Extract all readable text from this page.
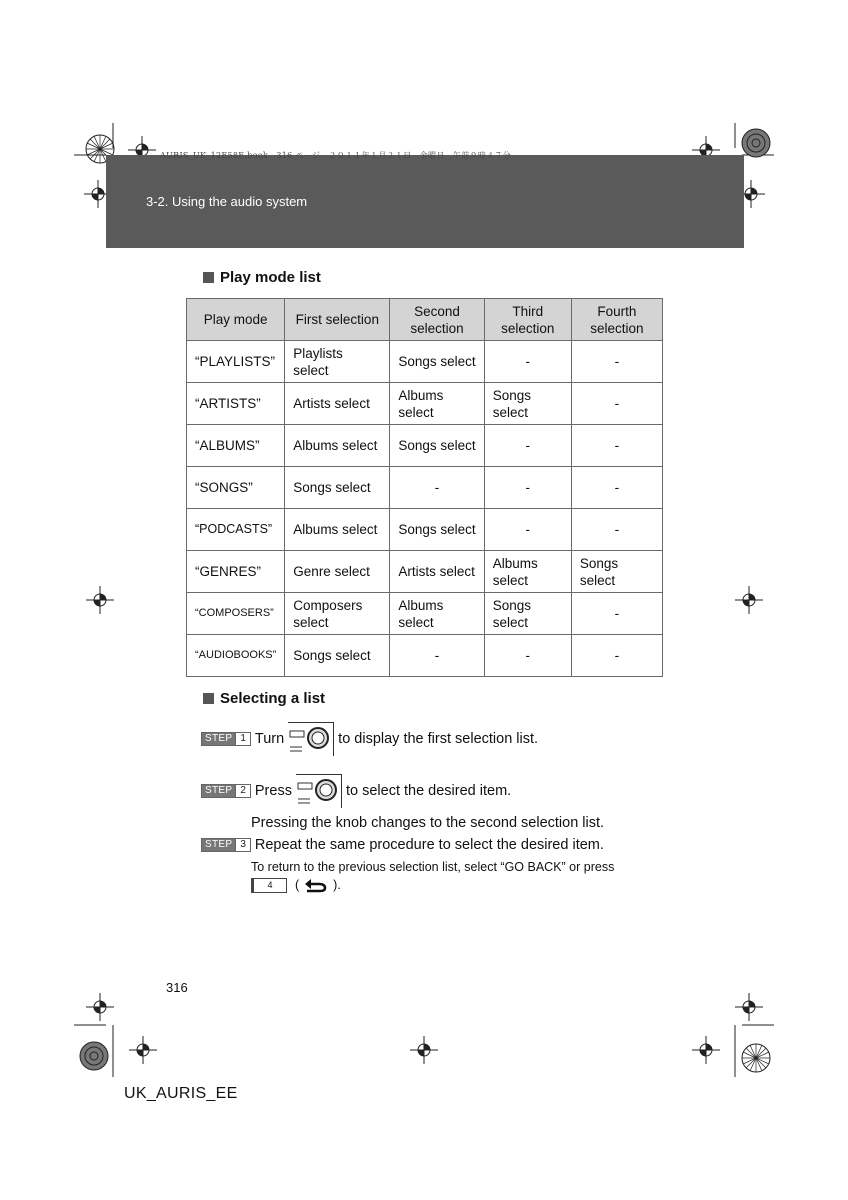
3-2. Using the audio system
AURIS_UK_12E58E.book　316 ページ　２０１１年１月２１日　金曜日　午前９時４７分
Play mode list
Play mode	First selection	Second selection	Third selection	Fourth selection
“PLAYLISTS”	Playlists select	Songs select	-	-
“ARTISTS”	Artists select	Albums select	Songs select	-
“ALBUMS”	Albums select	Songs select	-	-
“SONGS”	Songs select	-	-	-
“PODCASTS”	Albums select	Songs select	-	-
“GENRES”	Genre select	Artists select	Albums select	Songs select
“COMPOSERS”	Composers select	Albums select	Songs select	-
“AUDIOBOOKS”	Songs select	-	-	-
Selecting a list
STEP 1 Turn	to display the first selection list.
STEP 2 Press	to select the desired item.
Pressing the knob changes to the second selection list.
STEP 3 Repeat the same procedure to select the desired item.
To return to the previous selection list, select “GO BACK” or press
4	(	).
316
UK_AURIS_EE
